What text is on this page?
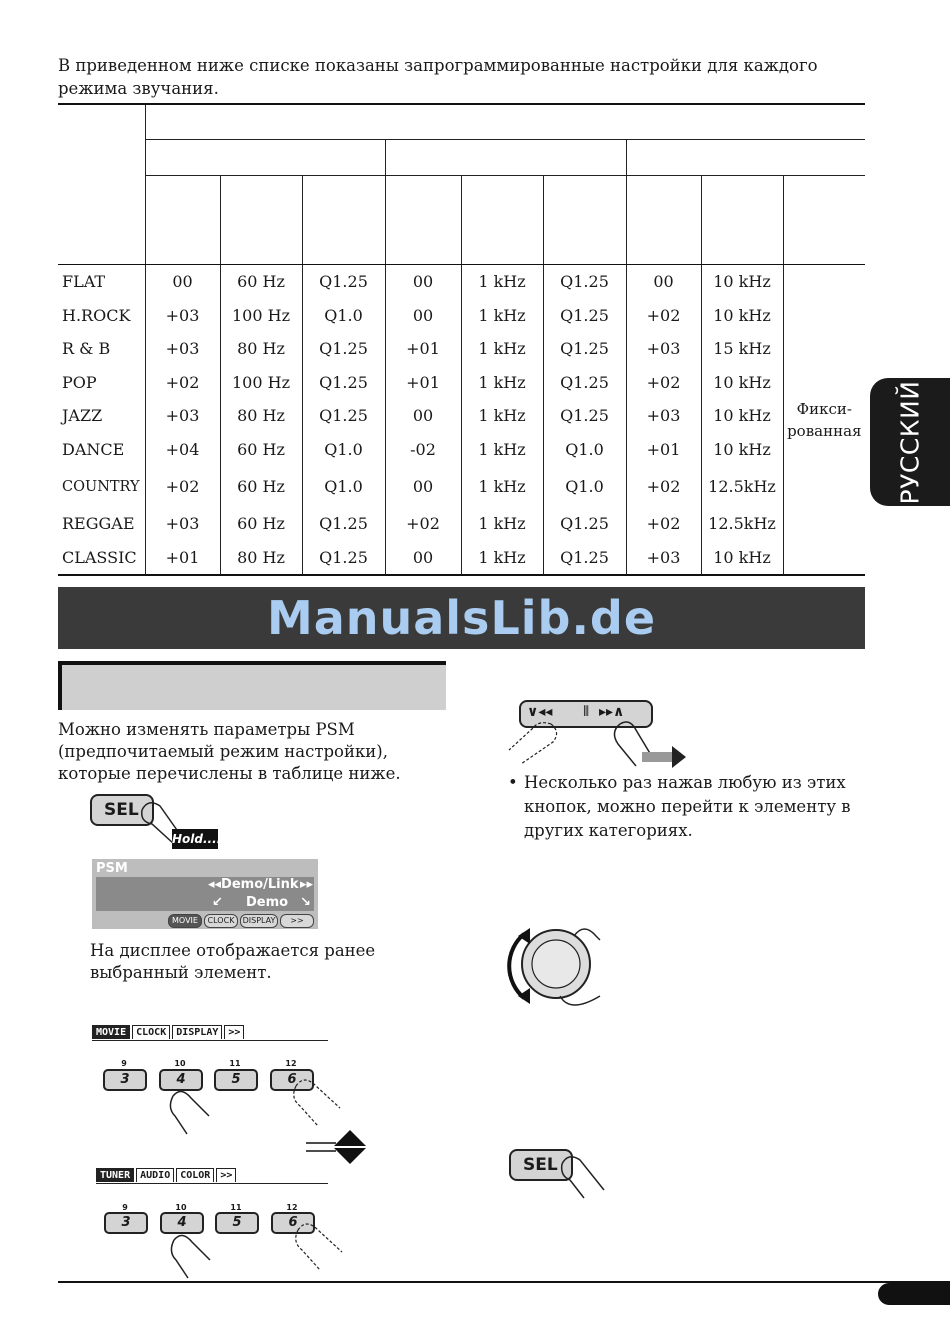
В приведенном ниже списке показаны запрограммированные настройки для каждого режима звучания.

FLAT	00	60 Hz	Q1.25	00	1 kHz	Q1.25	00	10 kHz	Фикси-
рованная

H.ROCK	+03	100 Hz	Q1.0	00	1 kHz	Q1.25	+02	10 kHz	
R & B	+03	80 Hz	Q1.25	+01	1 kHz	Q1.25	+03	15 kHz	
POP	+02	100 Hz	Q1.25	+01	1 kHz	Q1.25	+02	10 kHz	
JAZZ	+03	80 Hz	Q1.25	00	1 kHz	Q1.25	+03	10 kHz	
DANCE	+04	60 Hz	Q1.0	-02	1 kHz	Q1.0	+01	10 kHz	
COUNTRY	+02	60 Hz	Q1.0	00	1 kHz	Q1.0	+02	12.5kHz	
REGGAE	+03	60 Hz	Q1.25	+02	1 kHz	Q1.25	+02	12.5kHz	
CLASSIC	+01	80 Hz	Q1.25	00	1 kHz	Q1.25	+03	10 kHz	
ManualsLib.de
РУССКИЙ
Можно изменять параметры PSM
(предпочитаемый режим настройки),
которые перечислены в таблице ниже.
SEL
Hold....
PSM
◂◂Demo/Link ▸▸
↙ Demo ↘
MOVIE	CLOCK	DISPLAY	>>
На дисплее отображается ранее
выбранный элемент.
MOVIE CLOCK DISPLAY >>
9	10	11	12
3	4	5	6
TUNER AUDIO COLOR >>
9	10	11	12
3	4	5	6
∨◂◂ ⦀ ▸▸∧
• Несколько раз нажав любую из этих кнопок, можно перейти к элементу в других категориях.
SEL
